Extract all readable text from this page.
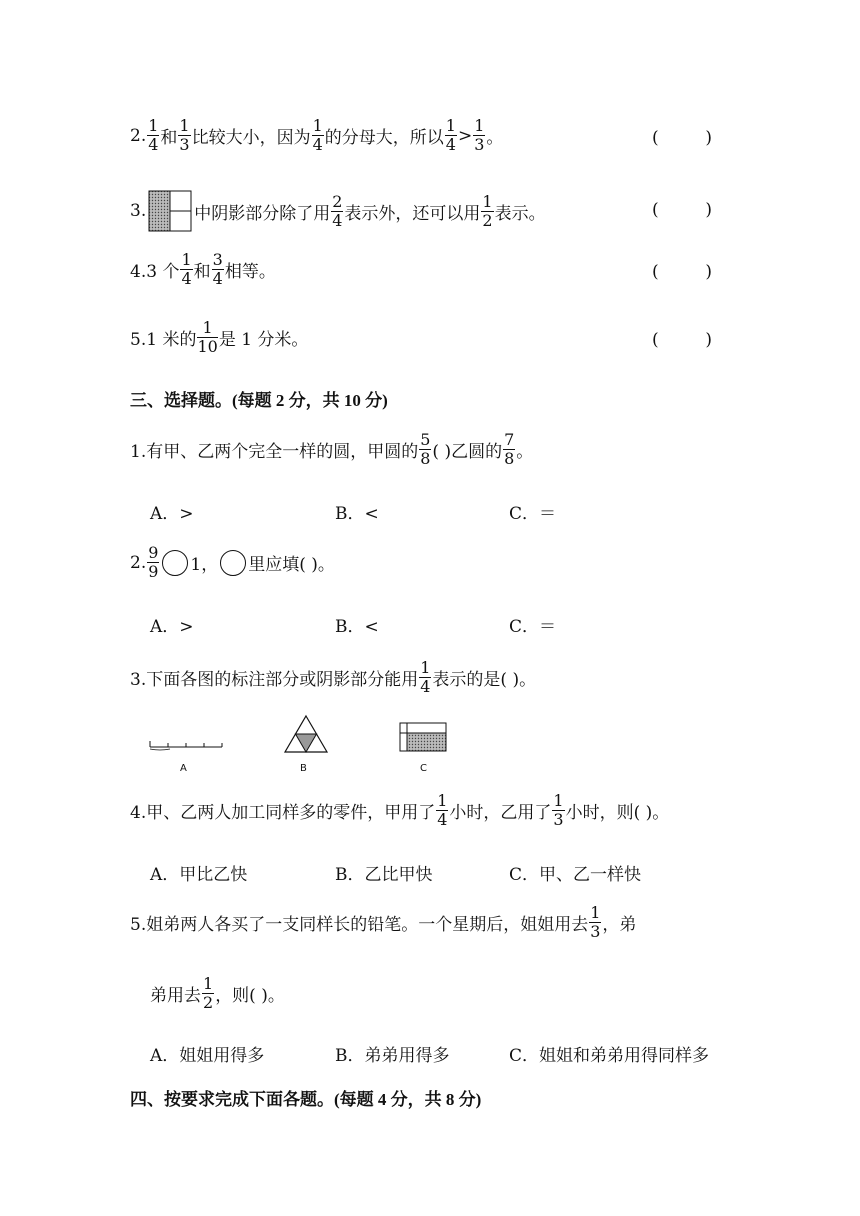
2. $\frac{1}{4}$ 和 $\frac{1}{3}$ 比较大小，因为 $\frac{1}{4}$ 的分母大，所以 $\frac{1}{4} > \frac{1}{3}$ 。	(	)
3.	中阴影部分除了用 $\frac{2}{4}$ 表示外，还可以用 $\frac{1}{2}$ 表示。	(	)
4.3 个 $\frac{1}{4}$ 和 $\frac{3}{4}$ 相等。	(	)
5.1 米的 $\frac{1}{10}$ 是 1 分米。	(	)
三、选择题。(每题 2 分，共 10 分)
1.有甲、乙两个完全一样的圆，甲圆的 $\frac{5}{8}$ ( )乙圆的 $\frac{7}{8}$ 。
A．>	B．<	C．＝
2. $\frac{9}{9} 1$， 里应填( )。
A．>	B．<	C．＝
3.下面各图的标注部分或阴影部分能用 $\frac{1}{4}$ 表示的是( )。
A	B	C
4.甲、乙两人加工同样多的零件，甲用了 $\frac{1}{4}$ 小时，乙用了 $\frac{1}{3}$ 小时，则( )。
A．甲比乙快	B．乙比甲快	C．甲、乙一样快
5.姐弟两人各买了一支同样长的铅笔。一个星期后，姐姐用去 $\frac{1}{3}$ ，弟
弟用去 $\frac{1}{2}$ ，则( )。
A．姐姐用得多	B．弟弟用得多	C．姐姐和弟弟用得同样多
四、按要求完成下面各题。(每题 4 分，共 8 分)
